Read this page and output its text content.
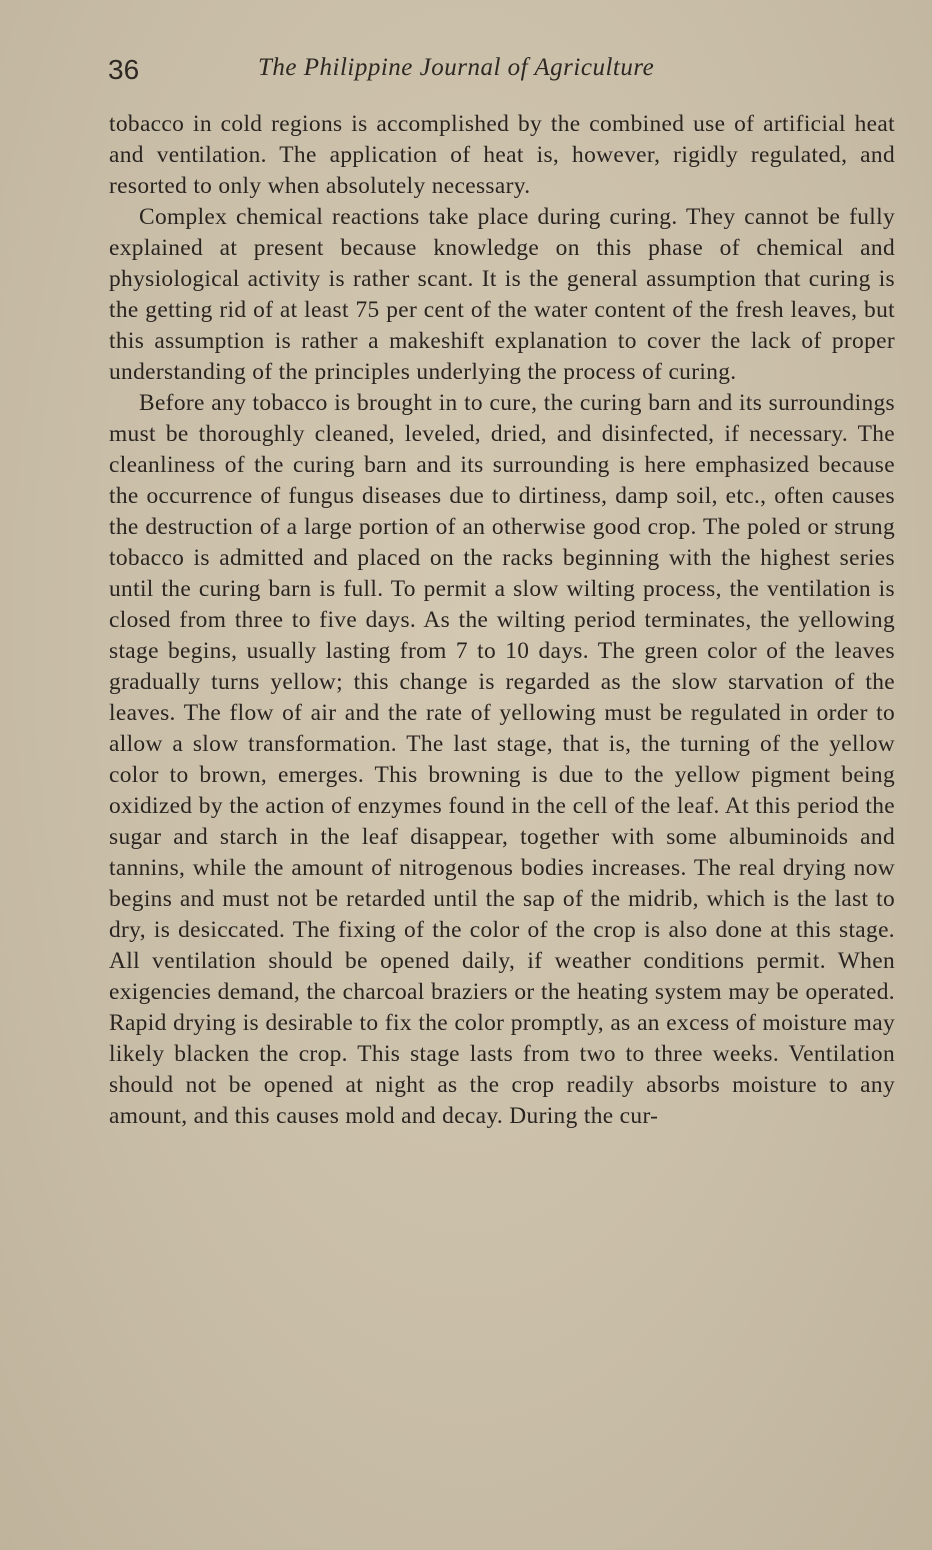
36	The Philippine Journal of Agriculture

tobacco in cold regions is accomplished by the combined use of artificial heat and ventilation. The application of heat is, however, rigidly regulated, and resorted to only when absolutely necessary.

Complex chemical reactions take place during curing. They cannot be fully explained at present because knowledge on this phase of chemical and physiological activity is rather scant. It is the general assumption that curing is the getting rid of at least 75 per cent of the water content of the fresh leaves, but this assumption is rather a makeshift explanation to cover the lack of proper understanding of the principles underlying the process of curing.

Before any tobacco is brought in to cure, the curing barn and its surroundings must be thoroughly cleaned, leveled, dried, and disinfected, if necessary. The cleanliness of the curing barn and its surrounding is here emphasized because the occurrence of fungus diseases due to dirtiness, damp soil, etc., often causes the destruction of a large portion of an otherwise good crop. The poled or strung tobacco is admitted and placed on the racks beginning with the highest series until the curing barn is full. To permit a slow wilting process, the ventilation is closed from three to five days. As the wilting period terminates, the yellowing stage begins, usually lasting from 7 to 10 days. The green color of the leaves gradually turns yellow; this change is regarded as the slow starvation of the leaves. The flow of air and the rate of yellowing must be regulated in order to allow a slow transformation. The last stage, that is, the turning of the yellow color to brown, emerges. This browning is due to the yellow pigment being oxidized by the action of enzymes found in the cell of the leaf. At this period the sugar and starch in the leaf disappear, together with some albuminoids and tannins, while the amount of nitrogenous bodies increases. The real drying now begins and must not be retarded until the sap of the midrib, which is the last to dry, is desiccated. The fixing of the color of the crop is also done at this stage. All ventilation should be opened daily, if weather conditions permit. When exigencies demand, the charcoal braziers or the heating system may be operated. Rapid drying is desirable to fix the color promptly, as an excess of moisture may likely blacken the crop. This stage lasts from two to three weeks. Ventilation should not be opened at night as the crop readily absorbs moisture to any amount, and this causes mold and decay. During the cur-
